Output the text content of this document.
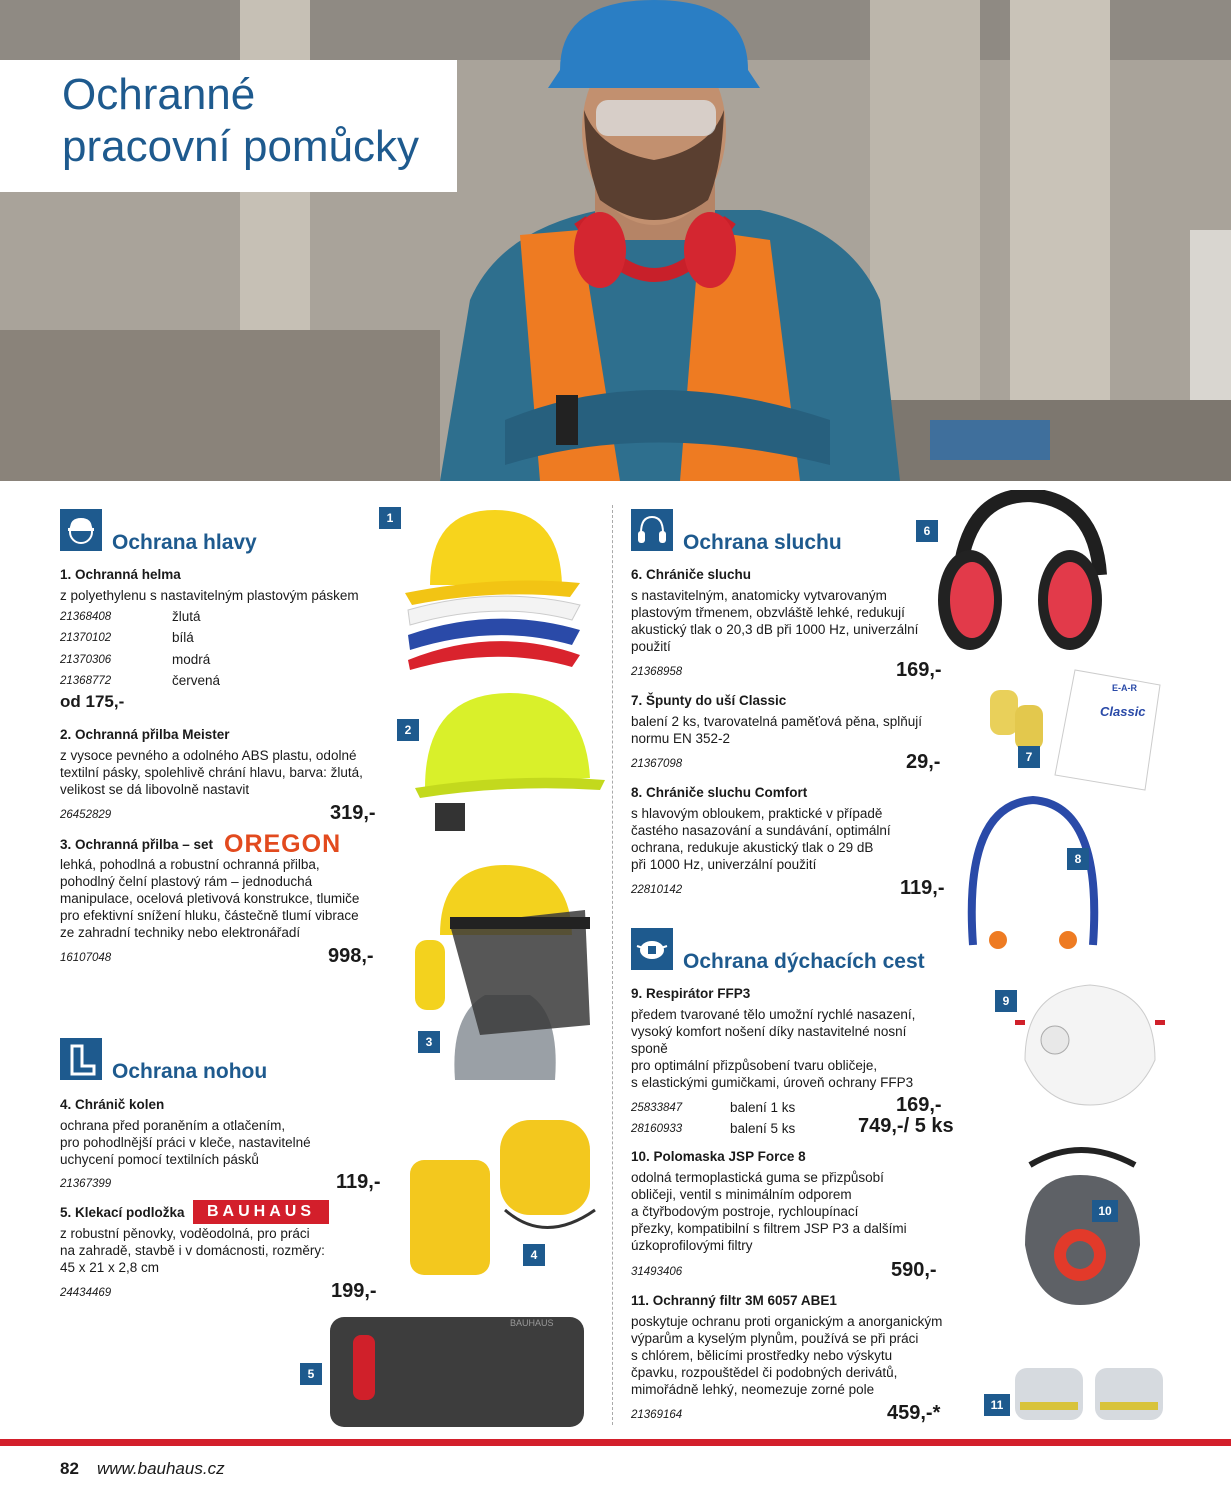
Ochranné
pracovní pomůcky
Ochrana hlavy
1. Ochranná helma
z polyethylenu s nastavitelným plastovým páskem
21368408	žlutá
21370102	bílá
21370306	modrá
21368772	červená
od 175,-
2. Ochranná přilba Meister
z vysoce pevného a odolného ABS plastu, odolné
textilní pásky, spolehlivě chrání hlavu, barva: žlutá,
velikost se dá libovolně nastavit
26452829	319,-
3. Ochranná přilba – set OREGON
lehká, pohodlná a robustní ochranná přilba,
pohodlný čelní plastový rám – jednoduchá
manipulace, ocelová pletivová konstrukce, tlumiče
pro efektivní snížení hluku, částečně tlumí vibrace
ze zahradní techniky nebo elektronářadí
16107048	998,-
Ochrana nohou
4. Chránič kolen
ochrana před poraněním a otlačením,
pro pohodlnější práci v kleče, nastavitelné
uchycení pomocí textilních pásků
21367399	119,-
5. Klekací podložka	BAUHAUS
z robustní pěnovky, voděodolná, pro práci
na zahradě, stavbě i v domácnosti, rozměry:
45 x 21 x 2,8 cm
24434469	199,-
Ochrana sluchu
6. Chrániče sluchu
s nastavitelným, anatomicky vytvarovaným
plastovým třmenem, obzvláště lehké, redukují
akustický tlak o 20,3 dB při 1000 Hz, univerzální
použití
21368958	169,-
7. Špunty do uší Classic
balení 2 ks, tvarovatelná paměťová pěna, splňují
normu EN 352-2
21367098	29,-
8. Chrániče sluchu Comfort
s hlavovým obloukem, praktické v případě
častého nasazování a sundávání, optimální
ochrana, redukuje akustický tlak o 29 dB
při 1000 Hz, univerzální použití
22810142	119,-
Ochrana dýchacích cest
9. Respirátor FFP3
předem tvarované tělo umožní rychlé nasazení,
vysoký komfort nošení díky nastavitelné nosní
sponě
pro optimální přizpůsobení tvaru obličeje,
s elastickými gumičkami, úroveň ochrany FFP3
25833847	balení 1 ks	169,-
28160933	balení 5 ks	749,-/ 5 ks
10. Polomaska JSP Force 8
odolná termoplastická guma se přizpůsobí
obličeji, ventil s minimálním odporem
a čtyřbodovým postroje, rychloupínací
přezky, kompatibilní s filtrem JSP P3 a dalšími
úzkoprofilovými filtry
31493406	590,-
11. Ochranný filtr 3M 6057 ABE1
poskytuje ochranu proti organickým a anorganickým
výparům a kyselým plynům, používá se při práci
s chlórem, bělicími prostředky nebo výskytu
čpavku, rozpouštědel či podobných derivátů,
mimořádně lehký, neomezuje zorné pole
21369164	459,-*
BAUHAUS
Classic
E-A-R
1
2
3
4
5
6
7
8
9
10
11
82 www.bauhaus.cz
